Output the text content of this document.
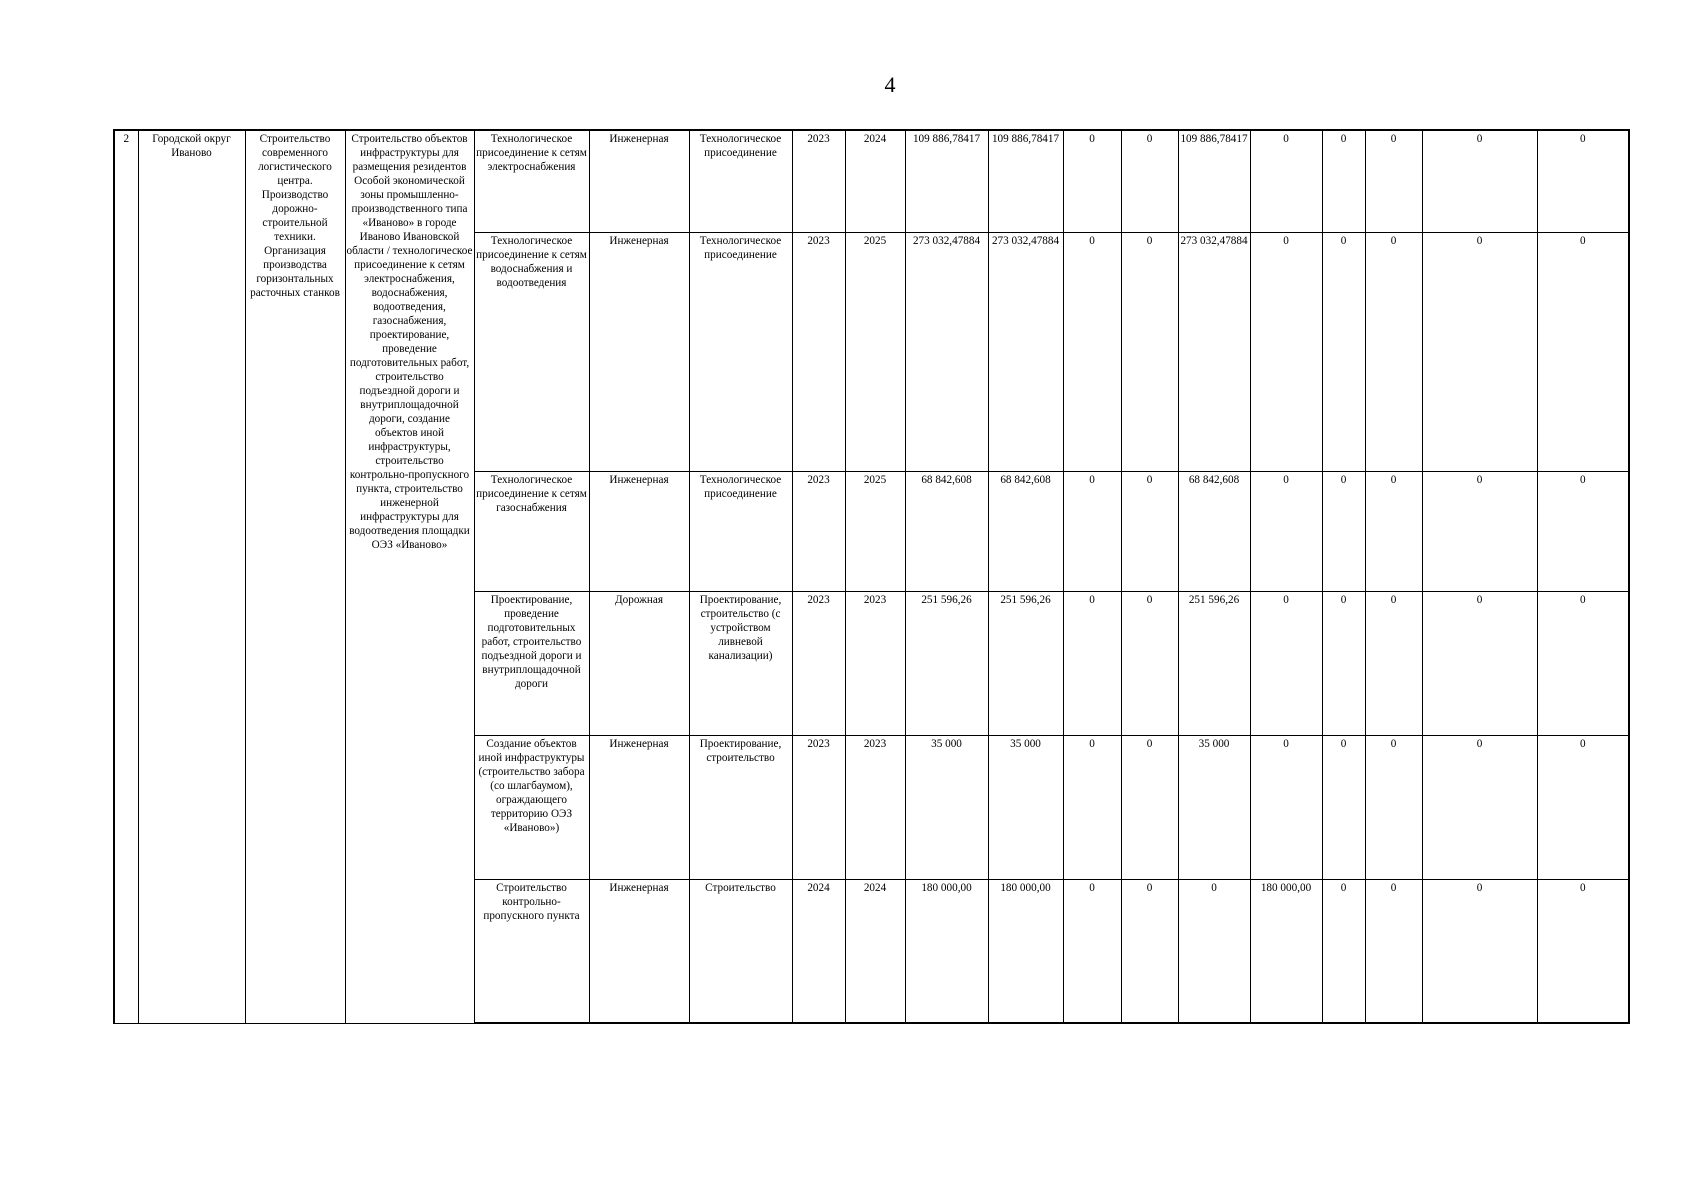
4
2	Городской округ Иваново	Строительство современного логистического центра. Производство дорожно-строительной техники. Организация производства горизонтальных расточных станков	Строительство объектов инфраструктуры для размещения резидентов Особой экономической зоны промышленно-производственного типа «Иваново» в городе Иваново Ивановской области / технологическое присоединение к сетям электроснабжения, водоснабжения, водоотведения, газоснабжения, проектирование, проведение подготовительных работ, строительство подъездной дороги и внутриплощадочной дороги, создание объектов иной инфраструктуры, строительство контрольно-пропускного пункта, строительство инженерной инфраструктуры для водоотведения площадки ОЭЗ «Иваново»	Технологическое присоединение к сетям электроснабжения	Инженерная	Технологическое присоединение	2023	2024	109 886,78417	109 886,78417	0	0	109 886,78417	0	0	0	0	0
				Технологическое присоединение к сетям водоснабжения и водоотведения	Инженерная	Технологическое присоединение	2023	2025	273 032,47884	273 032,47884	0	0	273 032,47884	0	0	0	0	0
				Технологическое присоединение к сетям газоснабжения	Инженерная	Технологическое присоединение	2023	2025	68 842,608	68 842,608	0	0	68 842,608	0	0	0	0	0
				Проектирование, проведение подготовительных работ, строительство подъездной дороги и внутриплощадочной дороги	Дорожная	Проектирование, строительство (с устройством ливневой канализации)	2023	2023	251 596,26	251 596,26	0	0	251 596,26	0	0	0	0	0
				Создание объектов иной инфраструктуры (строительство забора (со шлагбаумом), ограждающего территорию ОЭЗ «Иваново»)	Инженерная	Проектирование, строительство	2023	2023	35 000	35 000	0	0	35 000	0	0	0	0	0
				Строительство контрольно-пропускного пункта	Инженерная	Строительство	2024	2024	180 000,00	180 000,00	0	0	0	180 000,00	0	0	0	0
